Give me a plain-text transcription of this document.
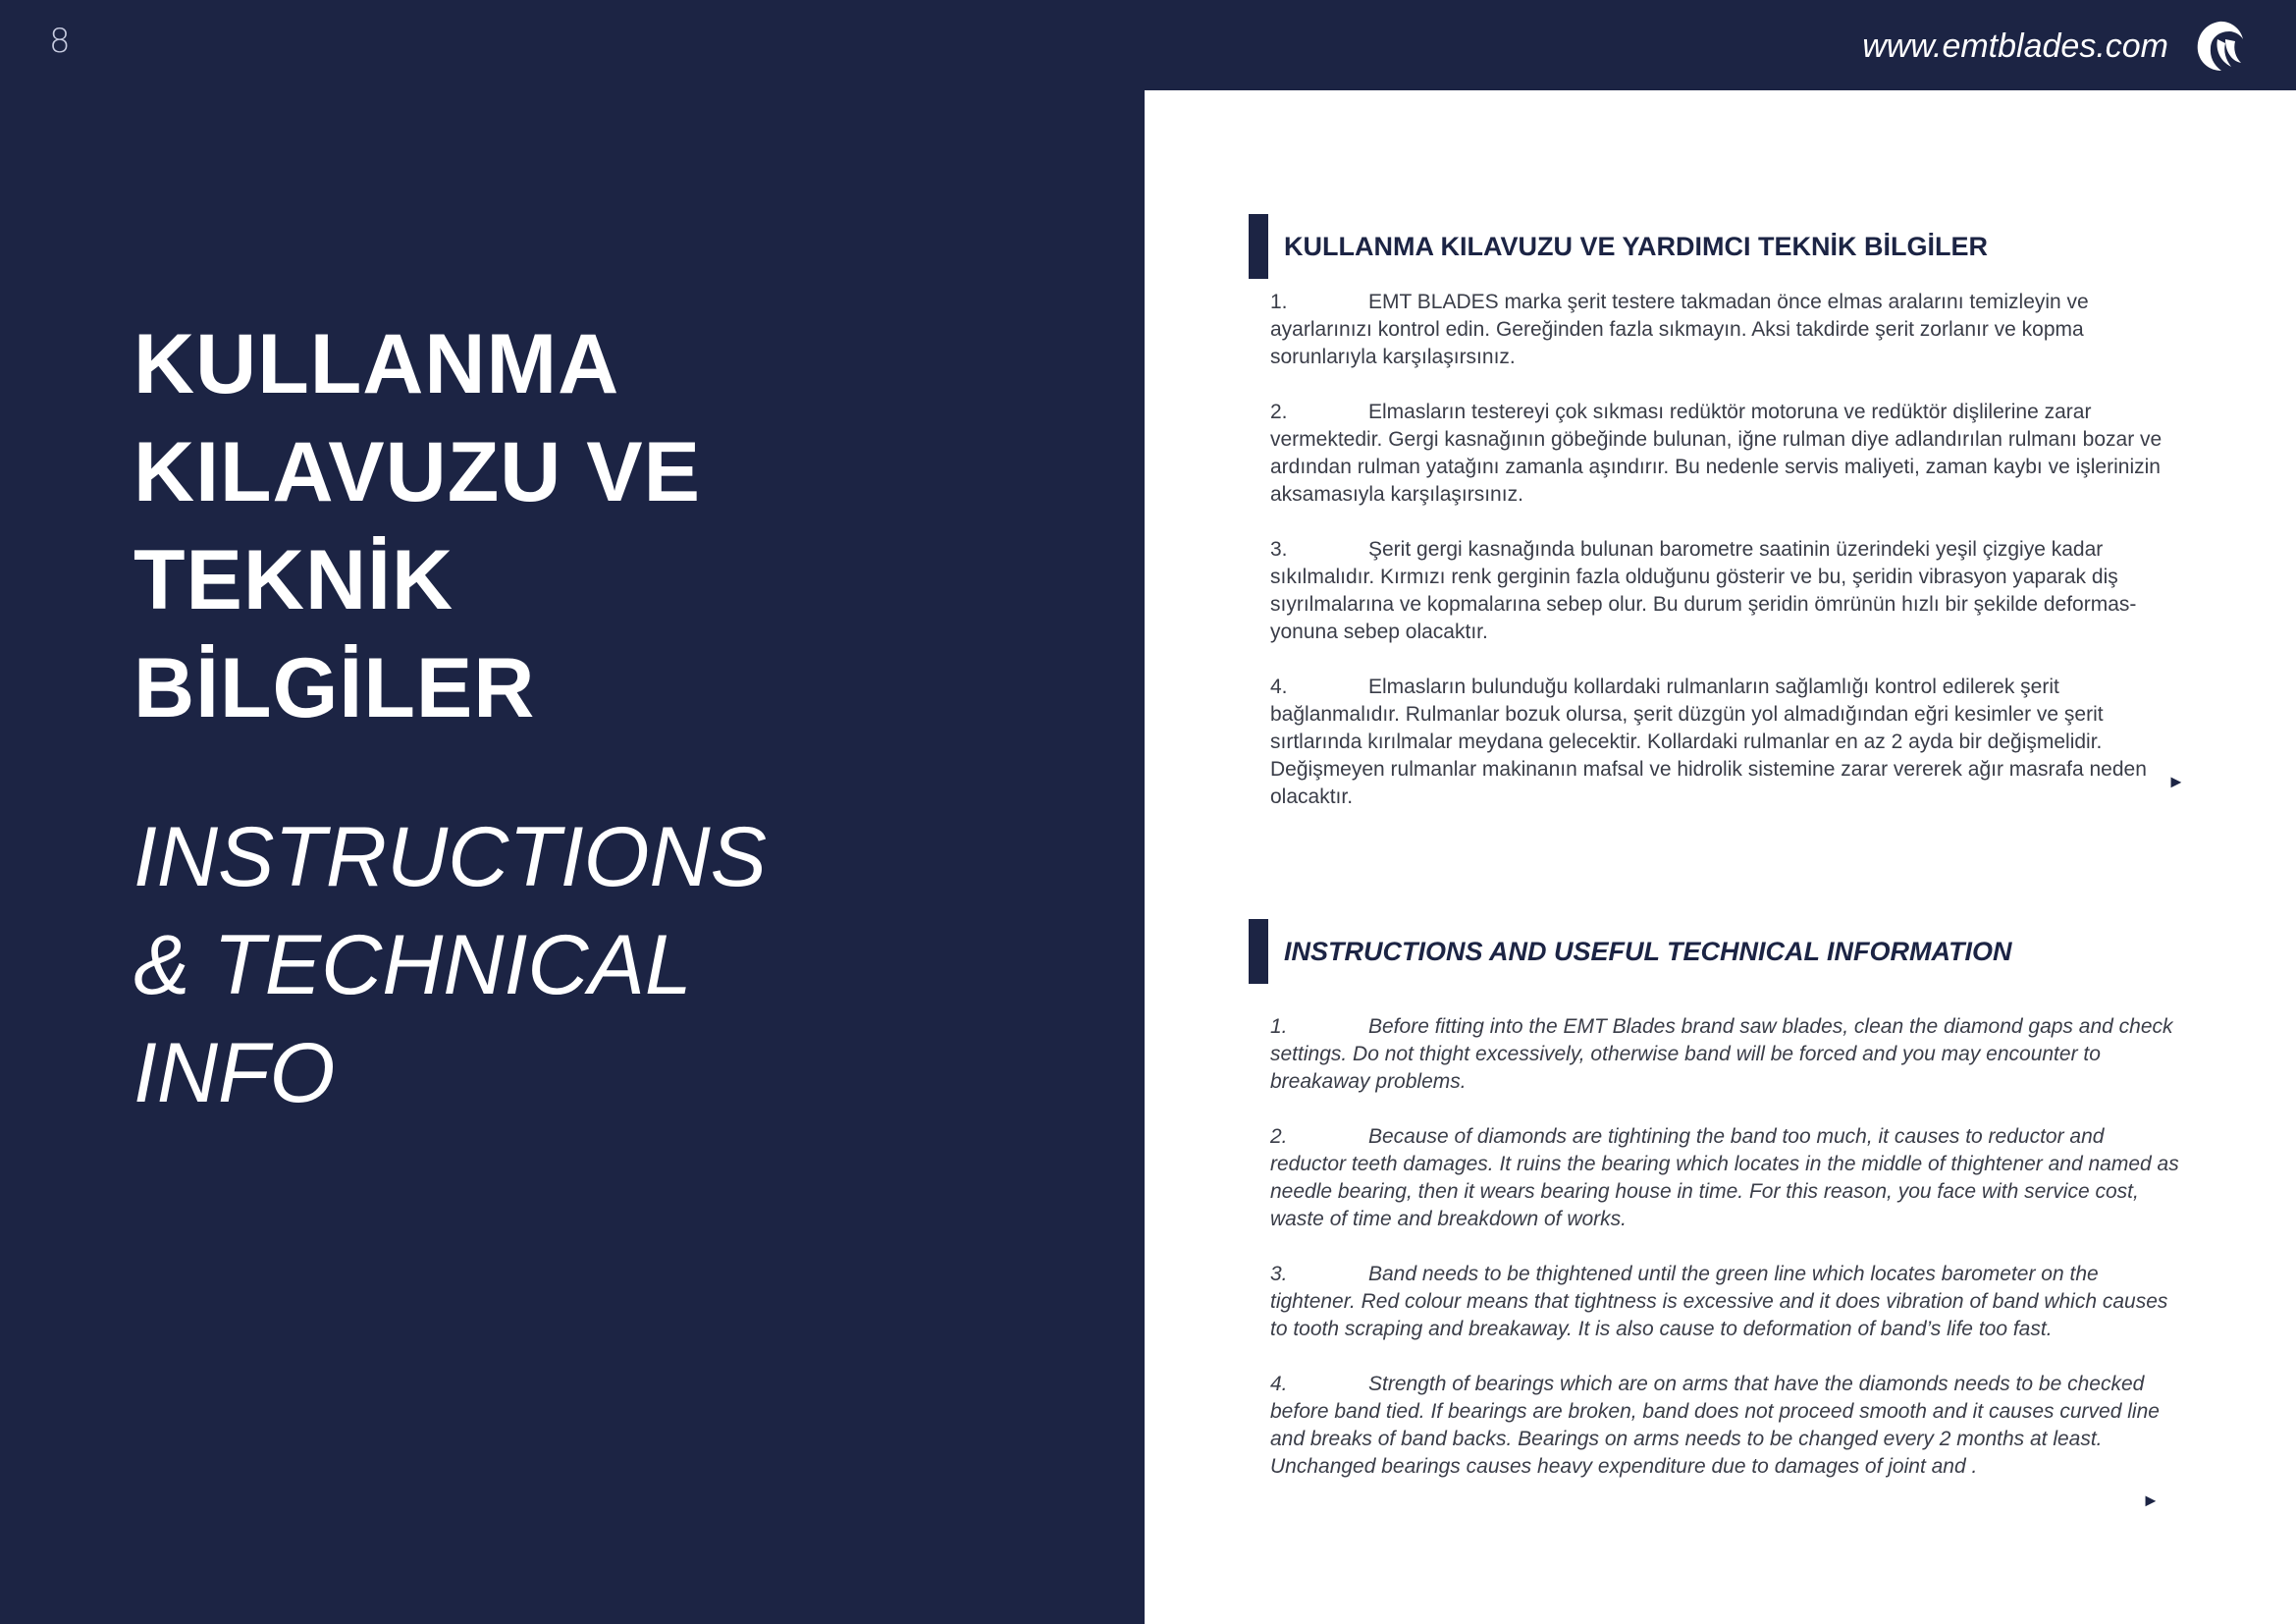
8	www.emtblades.com
KULLANMA
KILAVUZU VE
TEKNİK
BİLGİLER
INSTRUCTIONS
& TECHNICAL
INFO
KULLANMA KILAVUZU VE YARDIMCI TEKNİK BİLGİLER
1.	EMT BLADES marka şerit testere takmadan önce elmas aralarını temizleyin ve ayarlarınızı kontrol edin. Gereğinden fazla sıkmayın. Aksi takdirde şerit zorlanır ve kopma sorunlarıyla karşılaşırsınız.
2.	Elmasların testereyi çok sıkması redüktör motoruna ve redüktör dişlilerine zarar vermektedir. Gergi kasnağının göbeğinde bulunan, iğne rulman diye adlandırılan rulmanı bozar ve ardından rulman yatağını zamanla aşındırır. Bu nedenle servis maliyeti, zaman kaybı ve işlerinizin aksamasıyla karşılaşırsınız.
3.	Şerit gergi kasnağında bulunan barometre saatinin üzerindeki yeşil çizgiye kadar sıkılmalıdır. Kırmızı renk gerginin fazla olduğunu gösterir ve bu, şeridin vibrasyon yaparak diş sıyrılmalarına ve kopmalarına sebep olur. Bu durum şeridin ömrünün hızlı bir şekilde deformas-yonuna sebep olacaktır.
4.	Elmasların bulunduğu kollardaki rulmanların sağlamlığı kontrol edilerek şerit bağlanmalıdır. Rulmanlar bozuk olursa, şerit düzgün yol almadığından eğri kesimler ve şerit sırtlarında kırılmalar meydana gelecektir. Kollardaki rulmanlar en az 2 ayda bir değişmelidir. Değişmeyen rulmanlar makinanın mafsal ve hidrolik sistemine zarar vererek ağır masrafa neden olacaktır.
►
INSTRUCTIONS AND USEFUL TECHNICAL INFORMATION
1.	Before fitting into the EMT Blades brand saw blades, clean the diamond gaps and check settings. Do not thight excessively, otherwise band will be forced and you may encounter to breakaway problems.
2.	Because of diamonds are tightining the band too much, it causes to reductor and reductor teeth damages. It ruins the bearing which locates in the middle of thightener and named as needle bearing, then it wears bearing house in time. For this reason, you face with service cost, waste of time and breakdown of works.
3.	Band needs to be thightened until the green line which locates barometer on the tightener. Red colour means that tightness is excessive and it does vibration of band which causes to tooth scraping and breakaway. It is also cause to deformation of band’s life too fast.
4.	Strength of bearings which are on arms that have the diamonds needs to be checked before band tied. If bearings are broken, band does not proceed smooth and it causes curved line and breaks of band backs. Bearings on arms needs to be changed every 2 months at least. Unchanged bearings causes heavy expenditure due to damages of joint and .
►
